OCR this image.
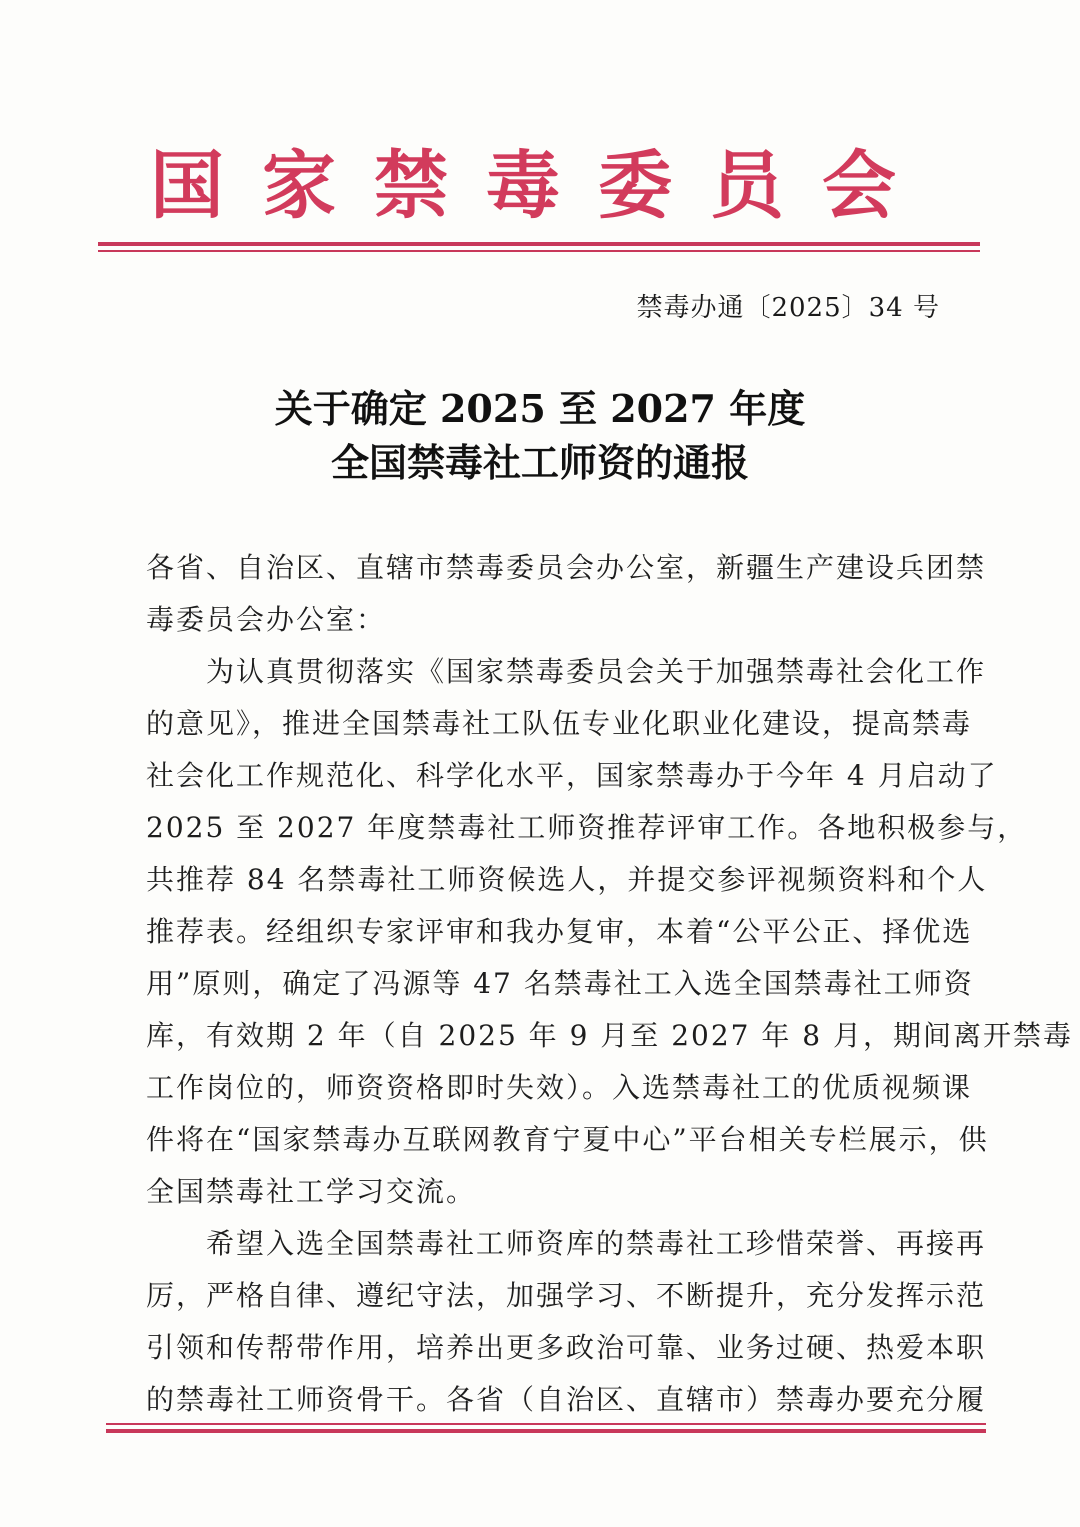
国家禁毒委员会
禁毒办通〔2025〕34 号
关于确定 2025 至 2027 年度
全国禁毒社工师资的通报
各省、自治区、直辖市禁毒委员会办公室，新疆生产建设兵团禁
毒委员会办公室：
　　为认真贯彻落实《国家禁毒委员会关于加强禁毒社会化工作
的意见》，推进全国禁毒社工队伍专业化职业化建设，提高禁毒
社会化工作规范化、科学化水平，国家禁毒办于今年 4 月启动了
2025 至 2027 年度禁毒社工师资推荐评审工作。各地积极参与，
共推荐 84 名禁毒社工师资候选人，并提交参评视频资料和个人
推荐表。经组织专家评审和我办复审，本着“公平公正、择优选
用”原则，确定了冯源等 47 名禁毒社工入选全国禁毒社工师资
库，有效期 2 年（自 2025 年 9 月至 2027 年 8 月，期间离开禁毒
工作岗位的，师资资格即时失效）。入选禁毒社工的优质视频课
件将在“国家禁毒办互联网教育宁夏中心”平台相关专栏展示，供
全国禁毒社工学习交流。
　　希望入选全国禁毒社工师资库的禁毒社工珍惜荣誉、再接再
厉，严格自律、遵纪守法，加强学习、不断提升，充分发挥示范
引领和传帮带作用，培养出更多政治可靠、业务过硬、热爱本职
的禁毒社工师资骨干。各省（自治区、直辖市）禁毒办要充分履
